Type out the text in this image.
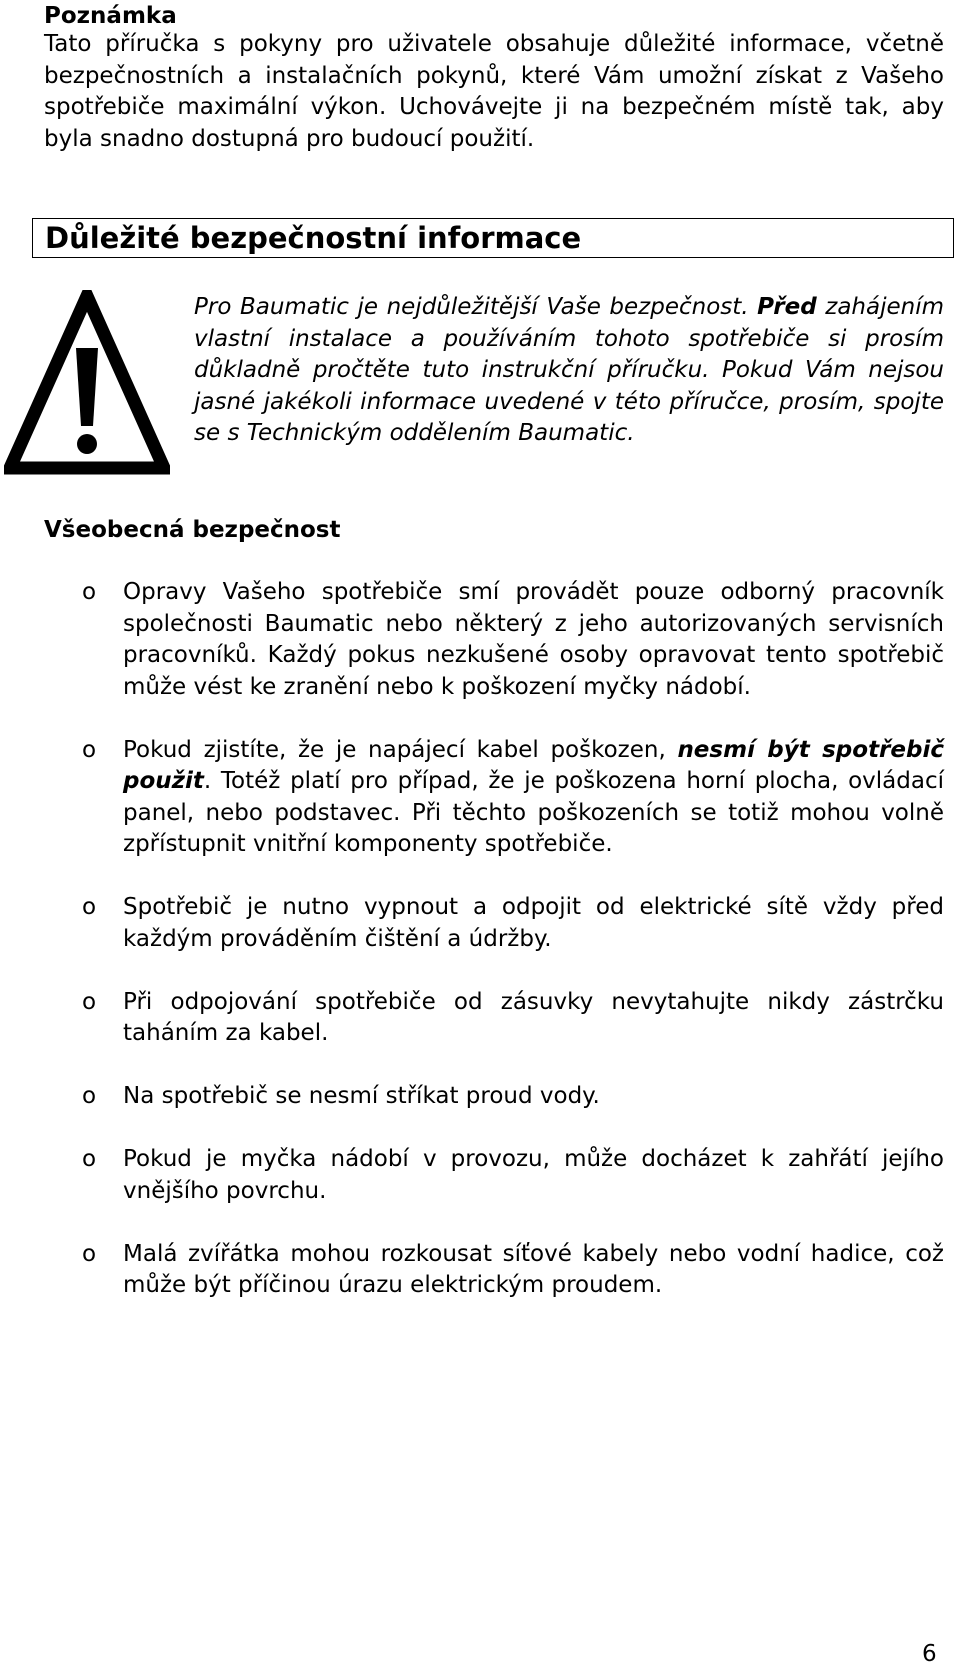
Poznámka
Tato příručka s pokyny pro uživatele obsahuje důležité informace, včetně bezpečnostních a instalačních pokynů, které Vám umožní získat z Vašeho spotřebiče maximální výkon. Uchovávejte ji na bezpečném místě tak, aby byla snadno dostupná pro budoucí použití.
Důležité bezpečnostní informace
Pro Baumatic je nejdůležitější Vaše bezpečnost. Před zahájením vlastní instalace a používáním tohoto spotřebiče si prosím důkladně pročtěte tuto instrukční příručku. Pokud Vám nejsou jasné jakékoli informace uvedené v této příručce, prosím, spojte se s Technickým oddělením Baumatic.
Všeobecná bezpečnost
o Opravy Vašeho spotřebiče smí provádět pouze odborný pracovník společnosti Baumatic nebo některý z jeho autorizovaných servisních pracovníků. Každý pokus nezkušené osoby opravovat tento spotřebič může vést ke zranění nebo k poškození myčky nádobí.
o Pokud zjistíte, že je napájecí kabel poškozen, nesmí být spotřebič použit. Totéž platí pro případ, že je poškozena horní plocha, ovládací panel, nebo podstavec. Při těchto poškozeních se totiž mohou volně zpřístupnit vnitřní komponenty spotřebiče.
o Spotřebič je nutno vypnout a odpojit od elektrické sítě vždy před každým prováděním čištění a údržby.
o Při odpojování spotřebiče od zásuvky nevytahujte nikdy zástrčku taháním za kabel.
o Na spotřebič se nesmí stříkat proud vody.
o Pokud je myčka nádobí v provozu, může docházet k zahřátí jejího vnějšího povrchu.
o Malá zvířátka mohou rozkousat síťové kabely nebo vodní hadice, což může být příčinou úrazu elektrickým proudem.
6
